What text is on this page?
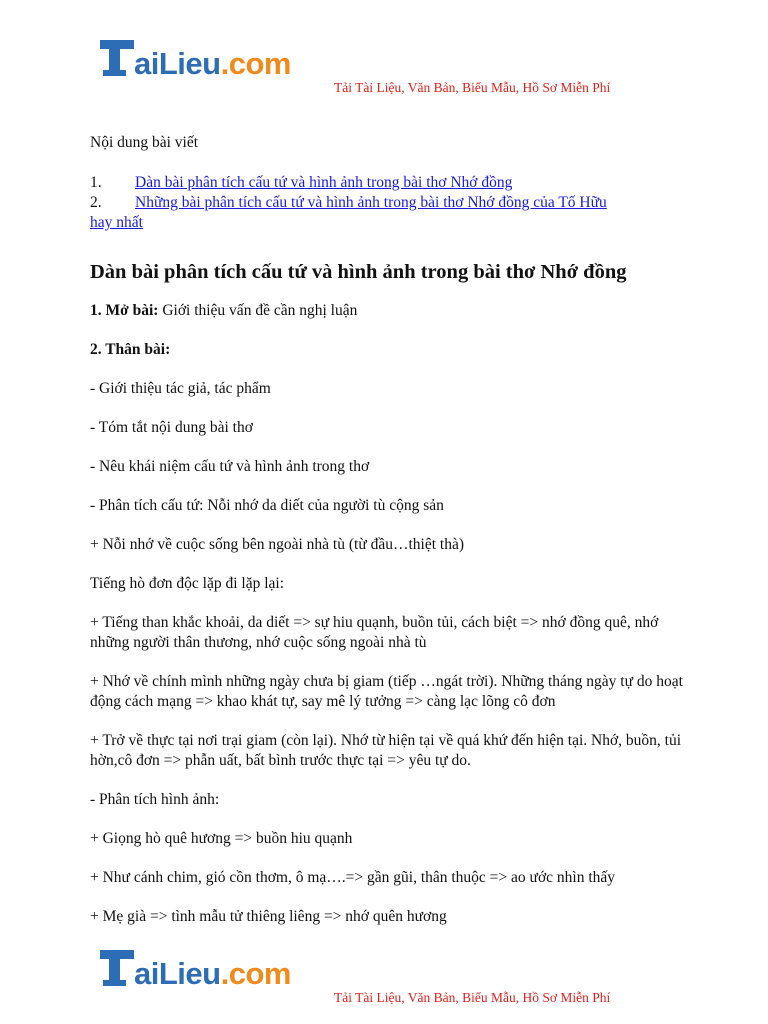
aiLieu .com
Tải Tài Liệu, Văn Bản, Biểu Mẫu, Hồ Sơ Miễn Phí

Nội dung bài viết

1.	Dàn bài phân tích cấu tứ và hình ảnh trong bài thơ Nhớ đồng
2.	Những bài phân tích cấu tứ và hình ảnh trong bài thơ Nhớ đồng của Tố Hữu
hay nhất
Dàn bài phân tích cấu tứ và hình ảnh trong bài thơ Nhớ đồng

1. Mở bài: Giới thiệu vấn đề cần nghị luận

2. Thân bài:

- Giới thiệu tác giả, tác phẩm

- Tóm tắt nội dung bài thơ

- Nêu khái niệm cấu tứ và hình ảnh trong thơ

- Phân tích cấu tứ: Nỗi nhớ da diết của người tù cộng sản

+ Nỗi nhớ về cuộc sống bên ngoài nhà tù (từ đầu…thiệt thà)

Tiếng hò đơn độc lặp đi lặp lại:

+ Tiếng than khắc khoải, da diết => sự hiu quạnh, buồn tủi, cách biệt => nhớ đồng quê, nhớ những người thân thương, nhớ cuộc sống ngoài nhà tù

+ Nhớ về chính mình những ngày chưa bị giam (tiếp …ngát trời). Những tháng ngày tự do hoạt động cách mạng => khao khát tự, say mê lý tưởng => càng lạc lõng cô đơn

+ Trở về thực tại nơi trại giam (còn lại). Nhớ từ hiện tại về quá khứ đến hiện tại. Nhớ, buồn, tủi hờn,cô đơn => phẫn uất, bất bình trước thực tại => yêu tự do.

- Phân tích hình ảnh:

+ Giọng hò quê hương => buồn hiu quạnh

+ Như cánh chim, gió cồn thơm, ô mạ….=> gần gũi, thân thuộc => ao ước nhìn thấy

+ Mẹ già => tình mẫu tử thiêng liêng => nhớ quên hương

aiLieu .com
Tải Tài Liệu, Văn Bản, Biểu Mẫu, Hồ Sơ Miễn Phí
